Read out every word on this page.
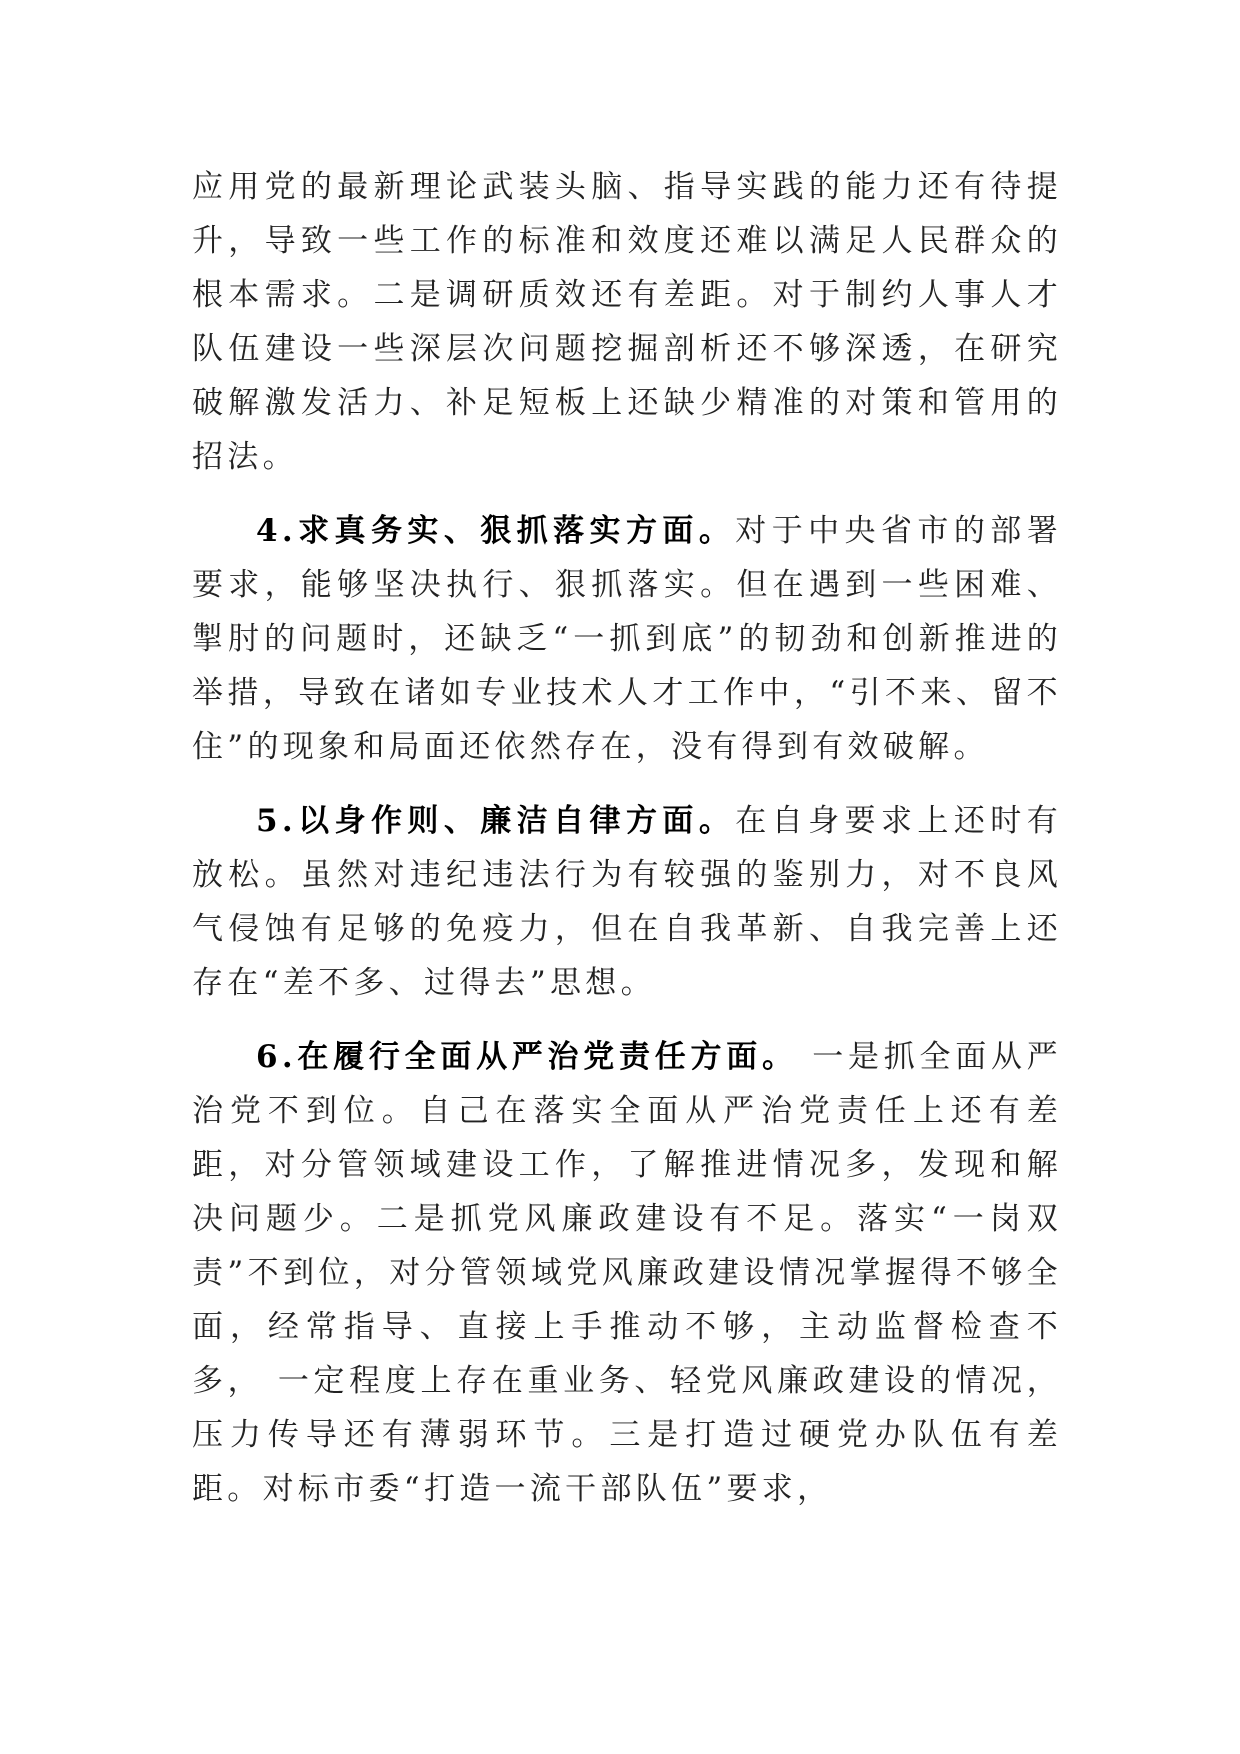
应用党的最新理论武装头脑、指导实践的能力还有待提升，导致一些工作的标准和效度还难以满足人民群众的根本需求。二是调研质效还有差距。对于制约人事人才队伍建设一些深层次问题挖掘剖析还不够深透，在研究破解激发活力、补足短板上还缺少精准的对策和管用的招法。

4.求真务实、狠抓落实方面。对于中央省市的部署要求，能够坚决执行、狠抓落实。但在遇到一些困难、掣肘的问题时，还缺乏“一抓到底”的韧劲和创新推进的举措，导致在诸如专业技术人才工作中，“引不来、留不住”的现象和局面还依然存在，没有得到有效破解。

5.以身作则、廉洁自律方面。在自身要求上还时有放松。虽然对违纪违法行为有较强的鉴别力，对不良风气侵蚀有足够的免疫力，但在自我革新、自我完善上还存在“差不多、过得去”思想。

6.在履行全面从严治党责任方面。 一是抓全面从严治党不到位。自己在落实全面从严治党责任上还有差距，对分管领域建设工作，了解推进情况多，发现和解决问题少。二是抓党风廉政建设有不足。落实“一岗双责”不到位，对分管领域党风廉政建设情况掌握得不够全面，经常指导、直接上手推动不够，主动监督检查不多， 一定程度上存在重业务、轻党风廉政建设的情况，压力传导还有薄弱环节。三是打造过硬党办队伍有差距。对标市委“打造一流干部队伍”要求，
